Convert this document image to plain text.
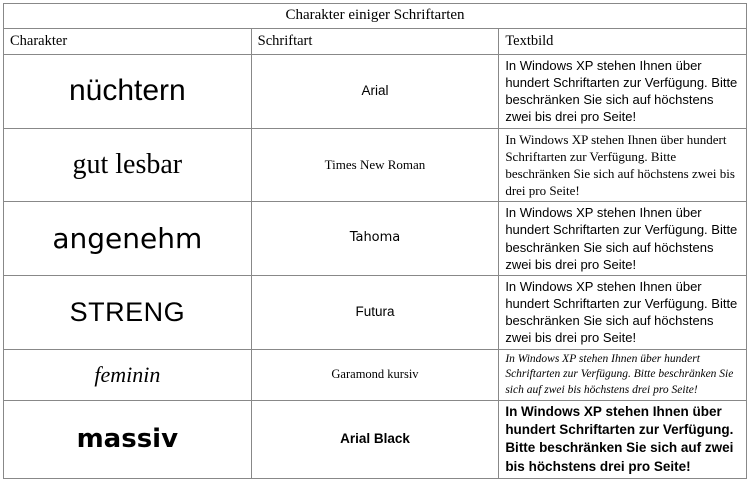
Charakter einiger Schriftarten		
Charakter	Schriftart	Textbild
nüchtern	Arial	In Windows XP stehen Ihnen über hundert Schriftarten zur Verfügung. Bitte beschränken Sie sich auf höchstens zwei bis drei pro Seite!
gut lesbar	Times New Roman	In Windows XP stehen Ihnen über hundert Schriftarten zur Verfügung. Bitte beschränken Sie sich auf höchstens zwei bis drei pro Seite!
angenehm	Tahoma	In Windows XP stehen Ihnen über hundert Schriftarten zur Verfügung. Bitte beschränken Sie sich auf höchstens zwei bis drei pro Seite!
STRENG	Futura	In Windows XP stehen Ihnen über hundert Schriftarten zur Verfügung. Bitte beschränken Sie sich auf höchstens zwei bis drei pro Seite!
feminin	Garamond kursiv	In Windows XP stehen Ihnen über hundert Schriftarten zur Verfügung. Bitte beschränken Sie sich auf zwei bis höchstens drei pro Seite!
massiv	Arial Black	In Windows XP stehen Ihnen über hundert Schriftarten zur Verfügung. Bitte beschränken Sie sich auf zwei bis höchstens drei pro Seite!
